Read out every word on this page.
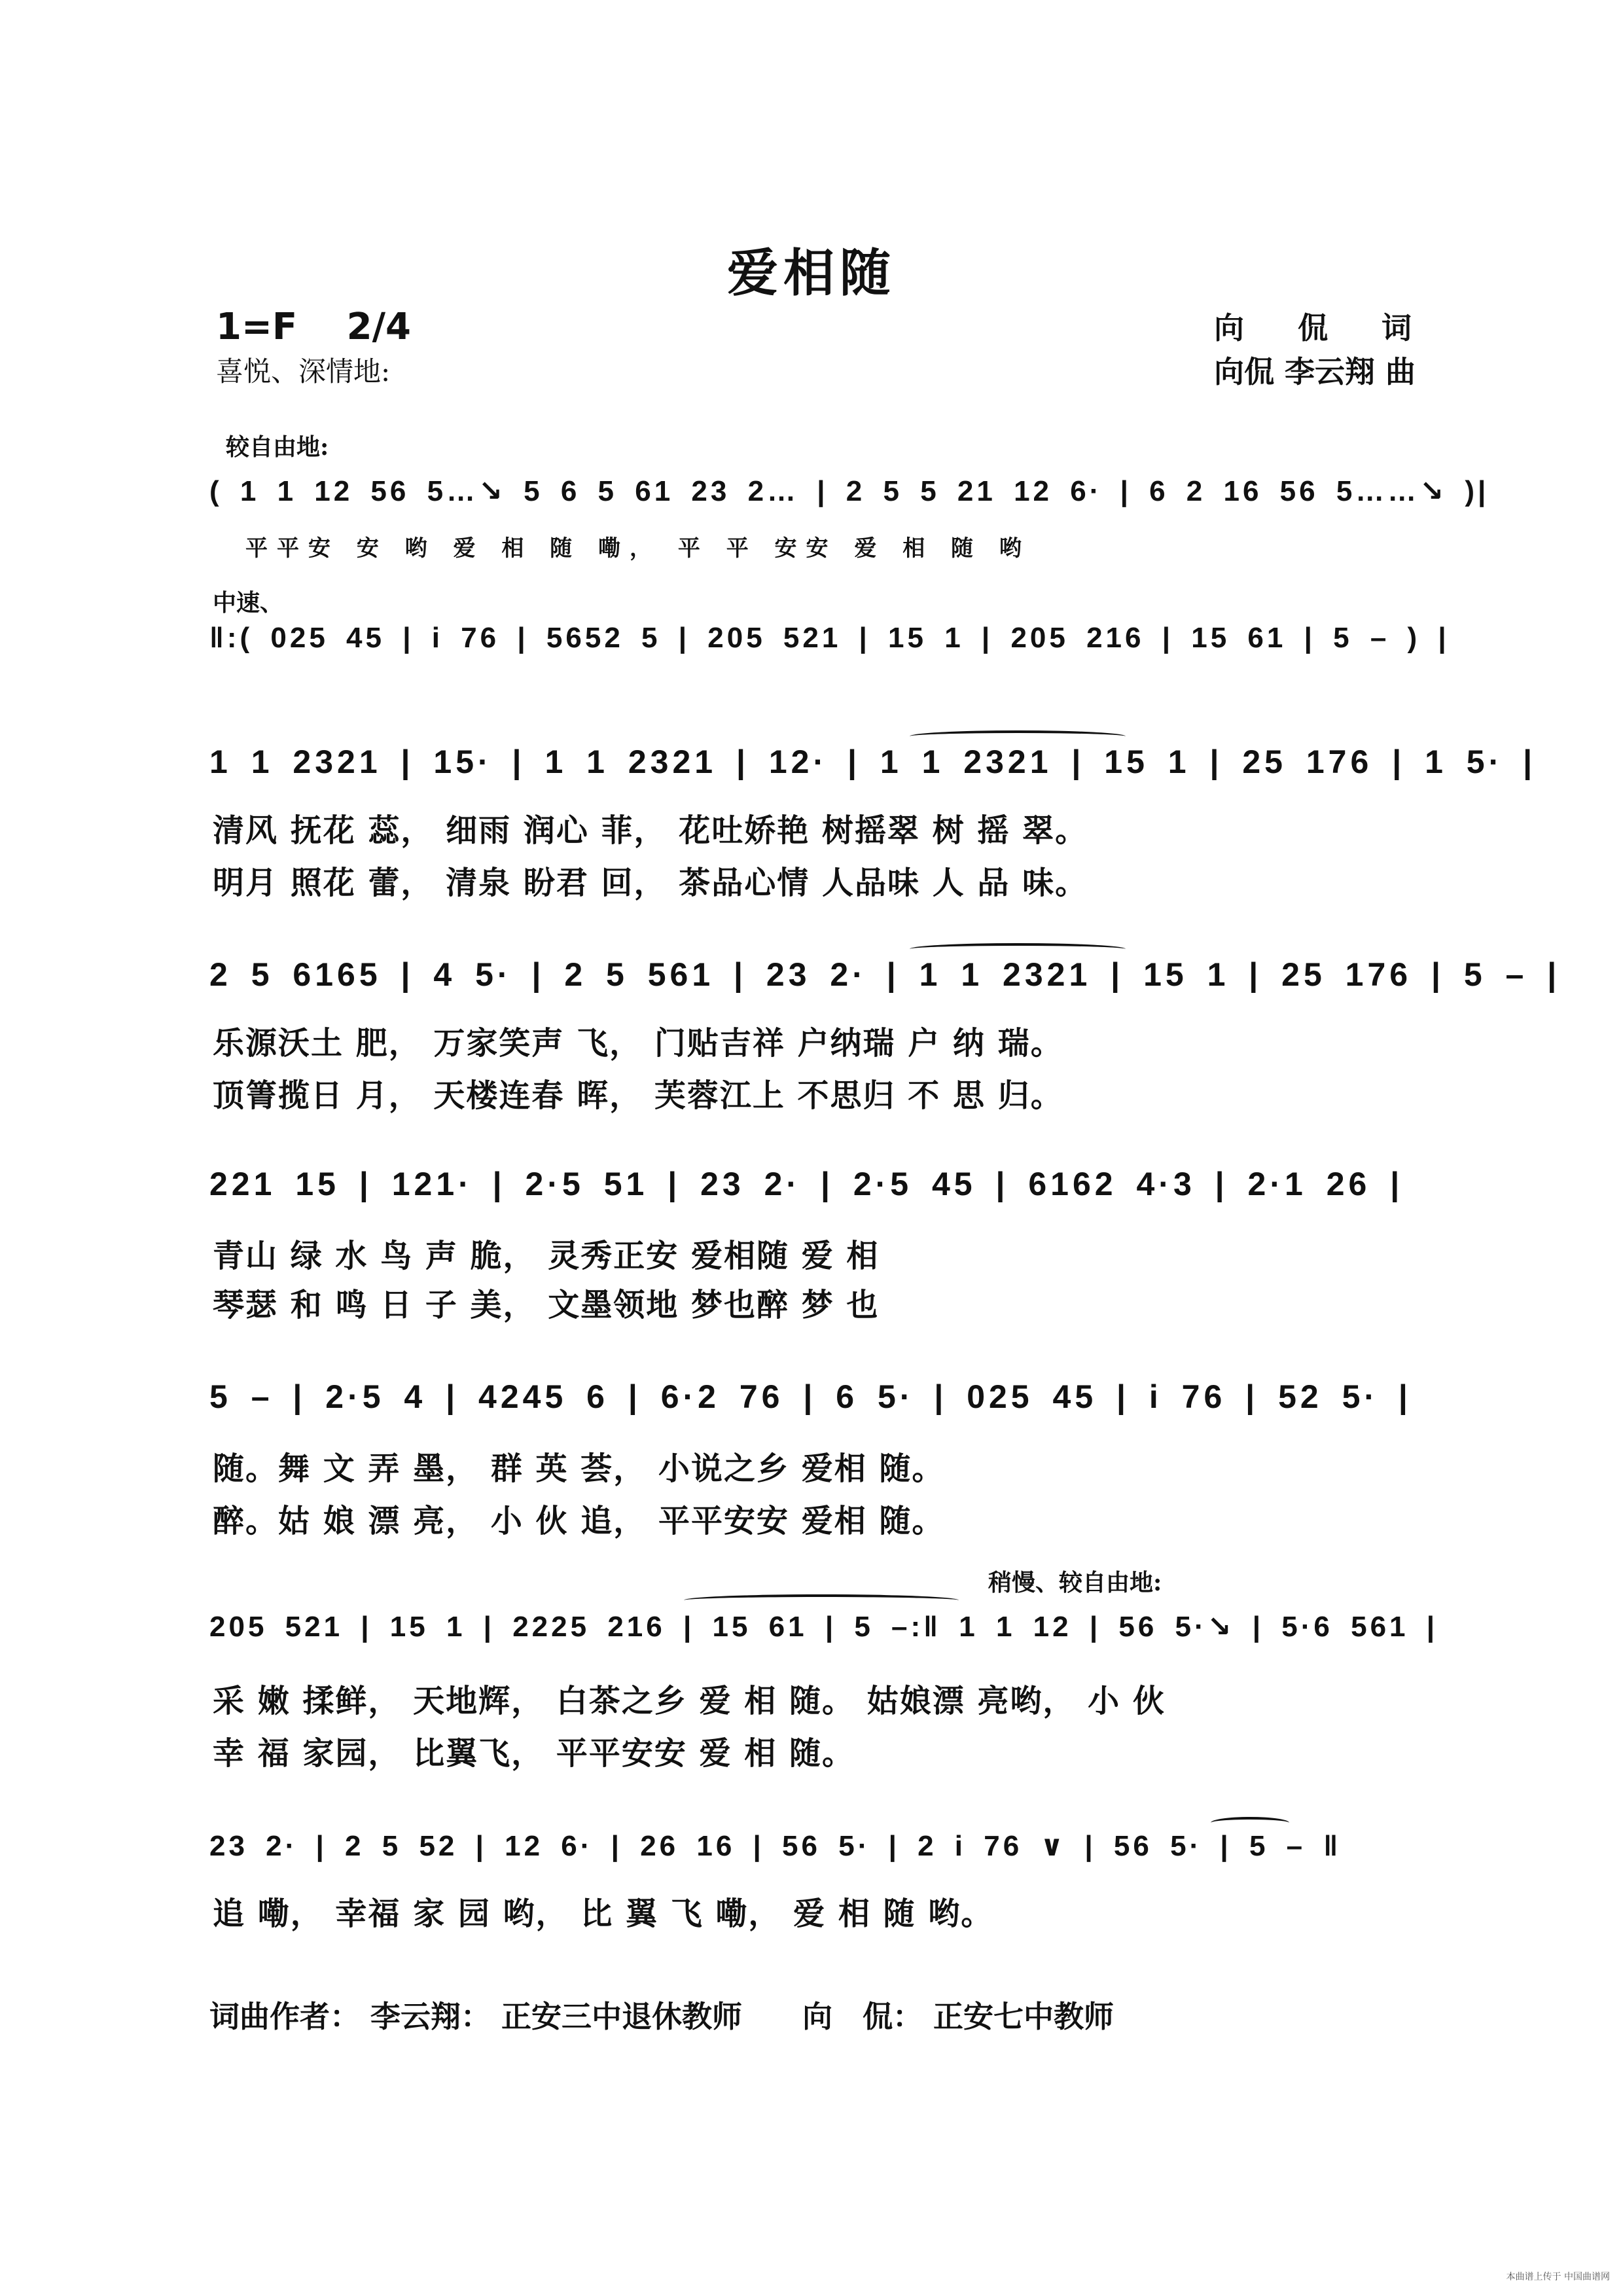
爱相随
1=F　 2/4
喜悦、深情地:
向　侃　词
向侃 李云翔 曲
较自由地:
( 1 1 12 56 5…↘ 5 6 5 61 23 2… | 2 5 5 21 12 6· | 6 2 16 56 5……↘ )|
平平安 安 哟 爱 相 随 嘞， 平 平 安安 爱 相 随 哟
中速、
‖:( 025 45 | i 76 | 5652 5 | 205 521 | 15 1 | 205 216 | 15 61 | 5 – ) |
1 1 2321 | 15· | 1 1 2321 | 12· | 1 1 2321 | 15 1 | 25 176 | 1 5· |
清风 抚花 蕊， 细雨 润心 菲， 花吐娇艳 树摇翠 树 摇 翠。
明月 照花 蕾， 清泉 盼君 回， 茶品心情 人品味 人 品 味。
2 5 6165 | 4 5· | 2 5 561 | 23 2· | 1 1 2321 | 15 1 | 25 176 | 5 – |
乐源沃土 肥， 万家笑声 飞， 门贴吉祥 户纳瑞 户 纳 瑞。
顶箐揽日 月， 天楼连春 晖， 芙蓉江上 不思归 不 思 归。
221 15 | 121· | 2·5 51 | 23 2· | 2·5 45 | 6162 4·3 | 2·1 26 |
青山 绿 水 鸟 声 脆， 灵秀正安 爱相随 爱 相
琴瑟 和 鸣 日 子 美， 文墨领地 梦也醉 梦 也
5 – | 2·5 4 | 4245 6 | 6·2 76 | 6 5· | 025 45 | i 76 | 52 5· |
随。舞 文 弄 墨， 群 英 荟， 小说之乡 爱相 随。
醉。姑 娘 漂 亮， 小 伙 追， 平平安安 爱相 随。
稍慢、较自由地:
205 521 | 15 1 | 2225 216 | 15 61 | 5 –:‖ 1 1 12 | 56 5·↘ | 5·6 561 |
采 嫩 揉鲜， 天地辉， 白茶之乡 爱 相 随。 姑娘漂 亮哟， 小 伙
幸 福 家园， 比翼飞， 平平安安 爱 相 随。
23 2· | 2 5 52 | 12 6· | 26 16 | 56 5· | 2 i 76 ∨ | 56 5· | 5 – ‖
追 嘞， 幸福 家 园 哟， 比 翼 飞 嘞， 爱 相 随 哟。
词曲作者： 李云翔： 正安三中退休教师　　向　侃： 正安七中教师
本曲谱上传于 中国曲谱网
